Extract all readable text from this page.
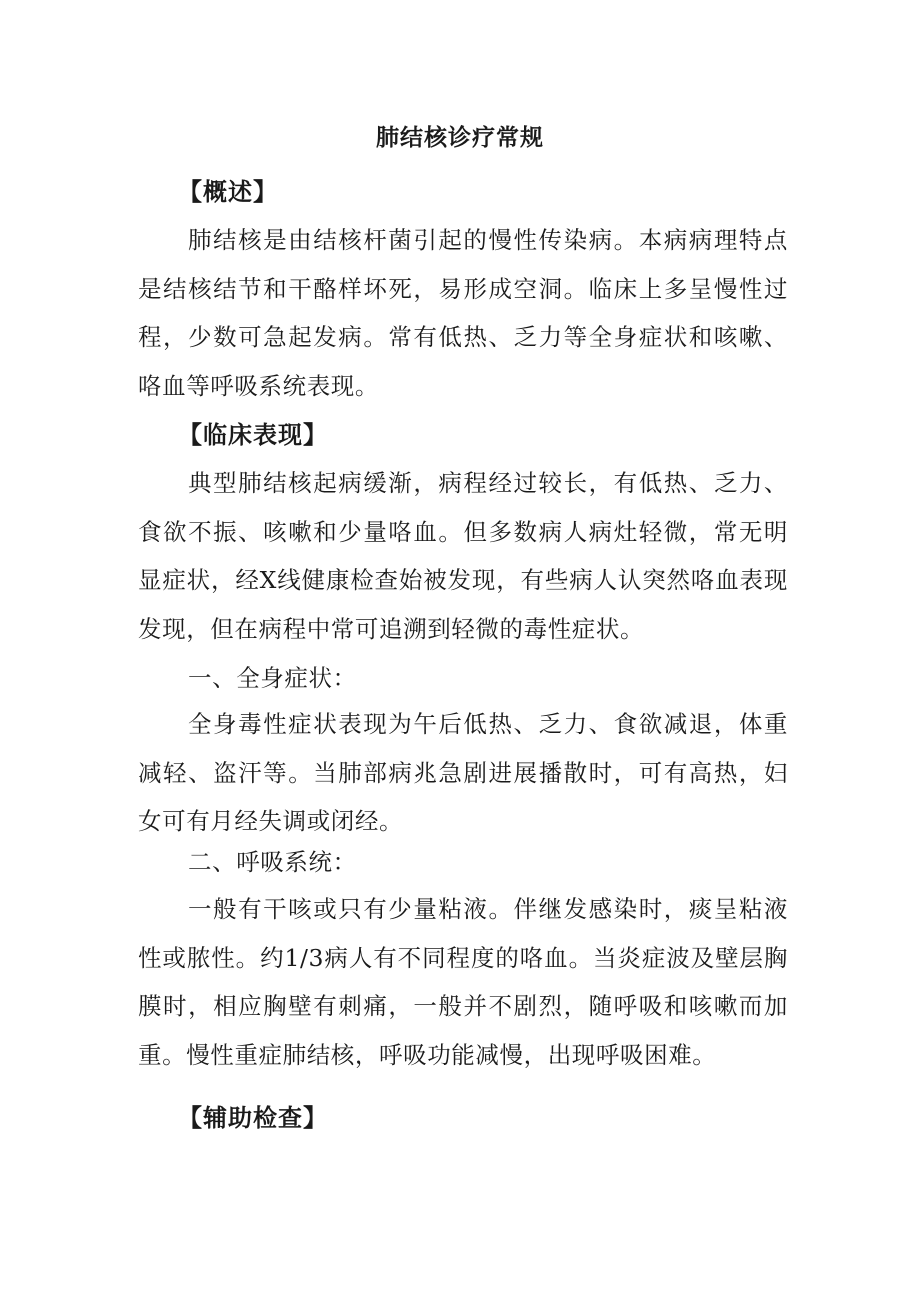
肺结核诊疗常规
【概述】

肺结核是由结核杆菌引起的慢性传染病。本病病理特点是结核结节和干酪样坏死，易形成空洞。临床上多呈慢性过程，少数可急起发病。常有低热、乏力等全身症状和咳嗽、咯血等呼吸系统表现。

【临床表现】

典型肺结核起病缓渐，病程经过较长，有低热、乏力、食欲不振、咳嗽和少量咯血。但多数病人病灶轻微，常无明显症状，经X线健康检查始被发现，有些病人认突然咯血表现发现，但在病程中常可追溯到轻微的毒性症状。

一、全身症状：

全身毒性症状表现为午后低热、乏力、食欲减退，体重减轻、盗汗等。当肺部病兆急剧进展播散时，可有高热，妇女可有月经失调或闭经。

二、呼吸系统：

一般有干咳或只有少量粘液。伴继发感染时，痰呈粘液性或脓性。约1/3病人有不同程度的咯血。当炎症波及壁层胸膜时，相应胸壁有刺痛，一般并不剧烈，随呼吸和咳嗽而加重。慢性重症肺结核，呼吸功能减慢，出现呼吸困难。

【辅助检查】
